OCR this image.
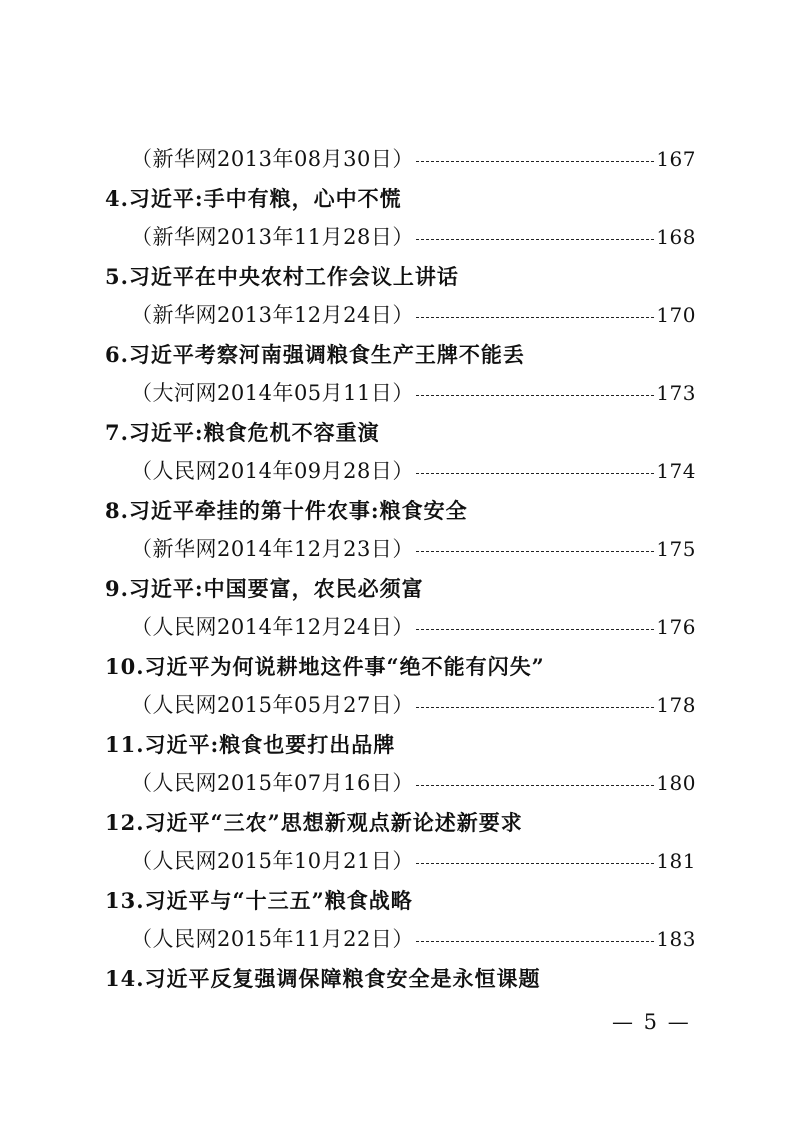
（新华网2013年08月30日）	167
4.习近平:手中有粮，心中不慌
（新华网2013年11月28日）	168
5.习近平在中央农村工作会议上讲话
（新华网2013年12月24日）	170
6.习近平考察河南强调粮食生产王牌不能丢
（大河网2014年05月11日）	173
7.习近平:粮食危机不容重演
（人民网2014年09月28日）	174
8.习近平牵挂的第十件农事:粮食安全
（新华网2014年12月23日）	175
9.习近平:中国要富，农民必须富
（人民网2014年12月24日）	176
10.习近平为何说耕地这件事“绝不能有闪失”
（人民网2015年05月27日）	178
11.习近平:粮食也要打出品牌
（人民网2015年07月16日）	180
12.习近平“三农”思想新观点新论述新要求
（人民网2015年10月21日）	181
13.习近平与“十三五”粮食战略
（人民网2015年11月22日）	183
14.习近平反复强调保障粮食安全是永恒课题
— 5 —
